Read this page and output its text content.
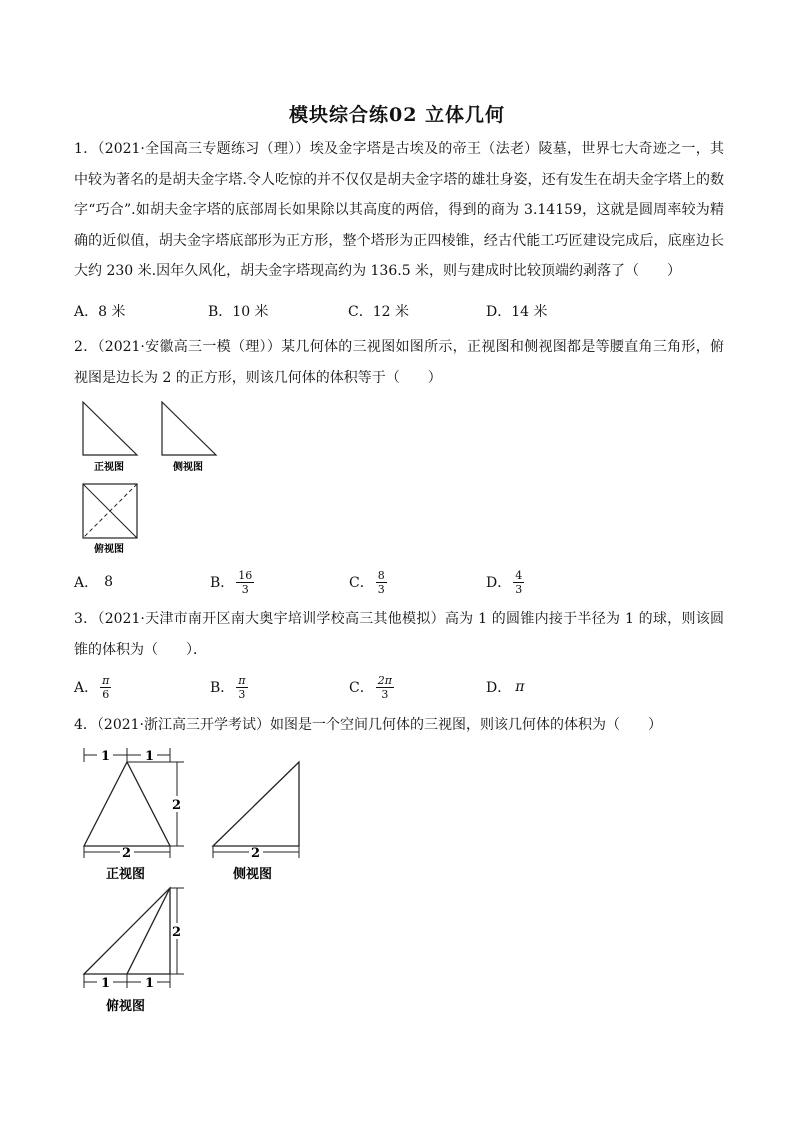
模块综合练02 立体几何
1．（2021·全国高三专题练习（理））埃及金字塔是古埃及的帝王（法老）陵墓，世界七大奇迹之一，其中较为著名的是胡夫金字塔.令人吃惊的并不仅仅是胡夫金字塔的雄壮身姿，还有发生在胡夫金字塔上的数字“巧合”.如胡夫金字塔的底部周长如果除以其高度的两倍，得到的商为 3.14159，这就是圆周率较为精确的近似值，胡夫金字塔底部形为正方形，整个塔形为正四棱锥，经古代能工巧匠建设完成后，底座边长大约 230 米.因年久风化，胡夫金字塔现高约为 136.5 米，则与建成时比较顶端约剥落了（　　）
A．8 米	B．10 米	C．12 米	D．14 米
2．（2021·安徽高三一模（理））某几何体的三视图如图所示，正视图和侧视图都是等腰直角三角形，俯视图是边长为 2 的正方形，则该几何体的体积等于（　　）
正视图	侧视图
俯视图
A． 8	B． $\frac{16}{3}$	C． $\frac{8}{3}$	D． $\frac{4}{3}$
3．（2021·天津市南开区南大奥宇培训学校高三其他模拟）高为 1 的圆锥内接于半径为 1 的球，则该圆锥的体积为（　　）．
A． $\frac{\pi}{6}$	B． $\frac{\pi}{3}$	C． $\frac{2\pi}{3}$	D． π
4．（2021·浙江高三开学考试）如图是一个空间几何体的三视图，则该几何体的体积为（　　）
1	1
2
2
正视图
2
侧视图
2
1	1
俯视图
